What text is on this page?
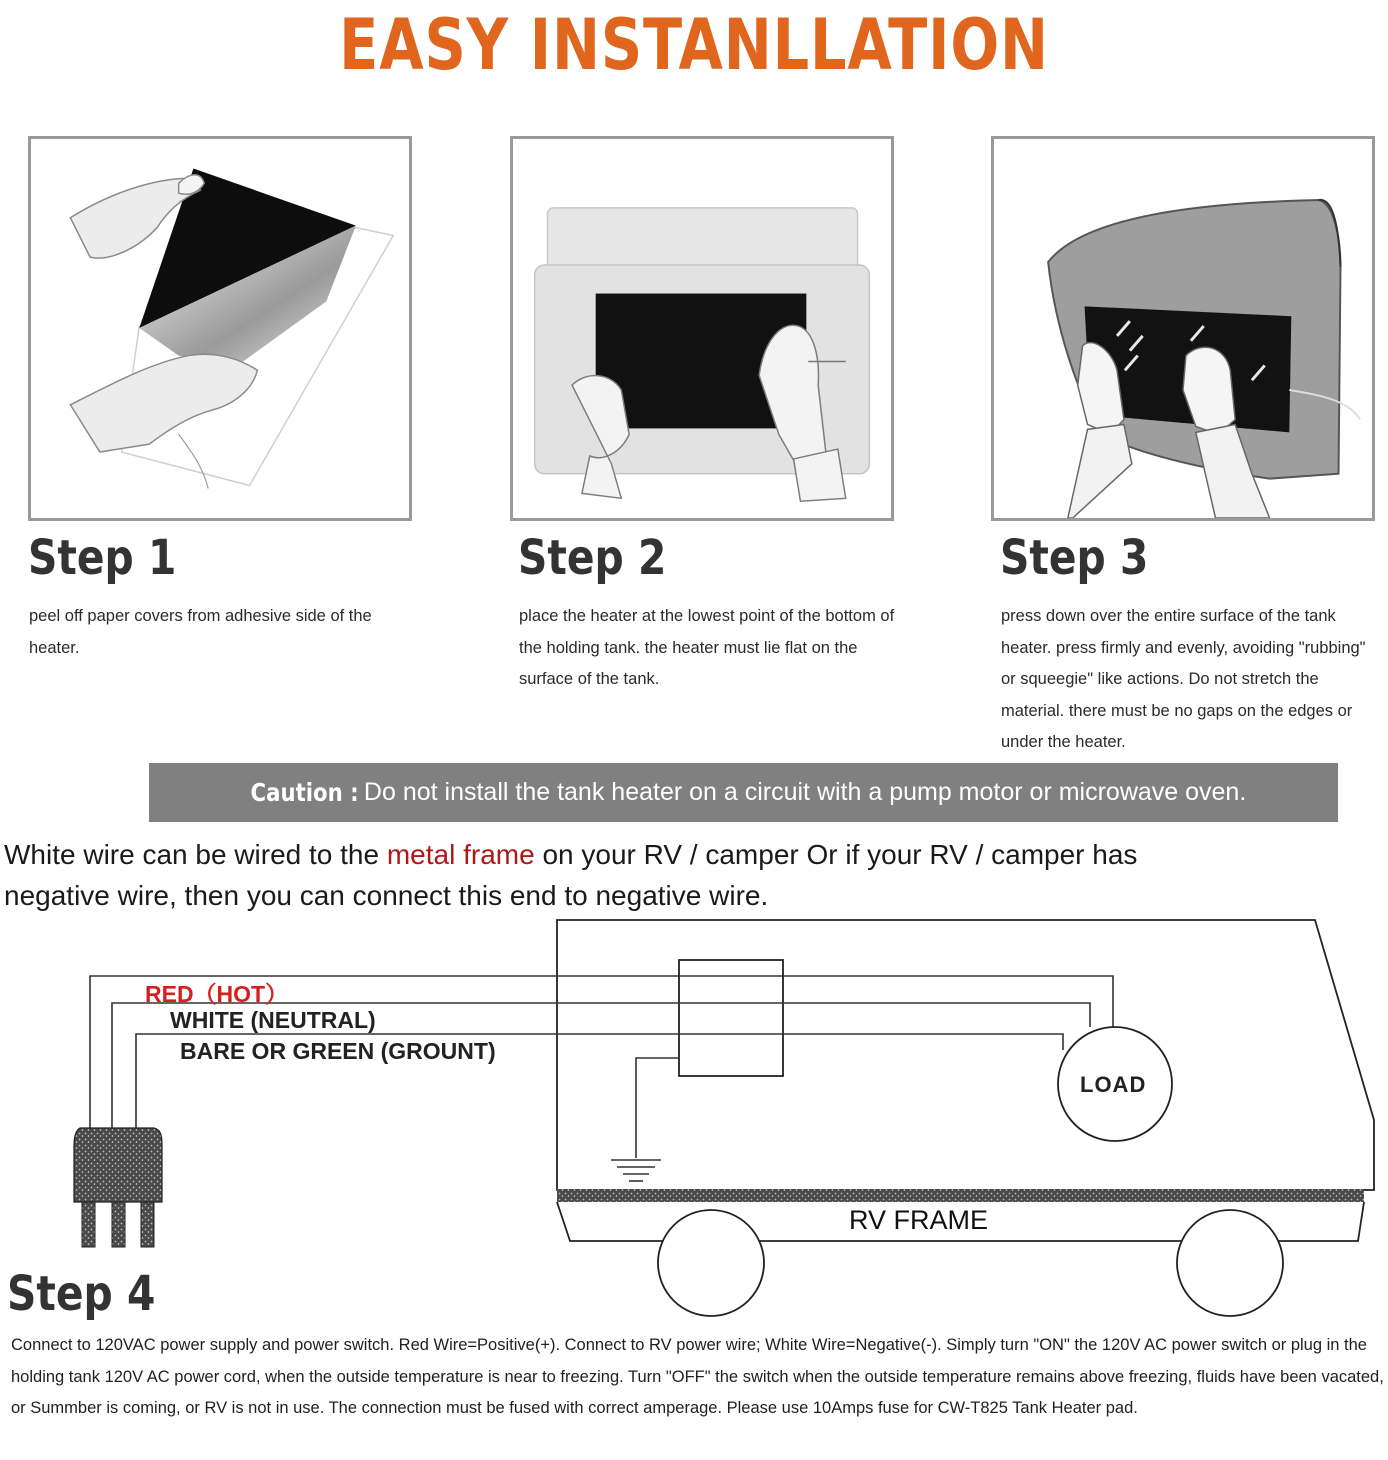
EASY INSTANLLATION
Step 1	Step 2	Step 3
peel off paper covers from adhesive side of the heater.
place the heater at the lowest point of the bottom of the holding tank. the heater must lie flat on the surface of the tank.
press down over the entire surface of the tank heater. press firmly and evenly, avoiding "rubbing" or squeegie" like actions. Do not stretch the material. there must be no gaps on the edges or under the heater.
Caution : Do not install the tank heater on a circuit with a pump motor or microwave oven.
White wire can be wired to the metal frame on your RV / camper Or if your RV / camper has negative wire, then you can connect this end to negative wire.
RED（HOT）
WHITE (NEUTRAL)
BARE OR GREEN (GROUNT)
LOAD
RV FRAME
Step 4
Connect to 120VAC power supply and power switch. Red Wire=Positive(+). Connect to RV power wire; White Wire=Negative(-). Simply turn "ON" the 120V AC power switch or plug in the holding tank 120V AC power cord, when the outside temperature is near to freezing. Turn "OFF" the switch when the outside temperature remains above freezing, fluids have been vacated, or Summber is coming, or RV is not in use. The connection must be fused with correct amperage. Please use 10Amps fuse for CW-T825 Tank Heater pad.
